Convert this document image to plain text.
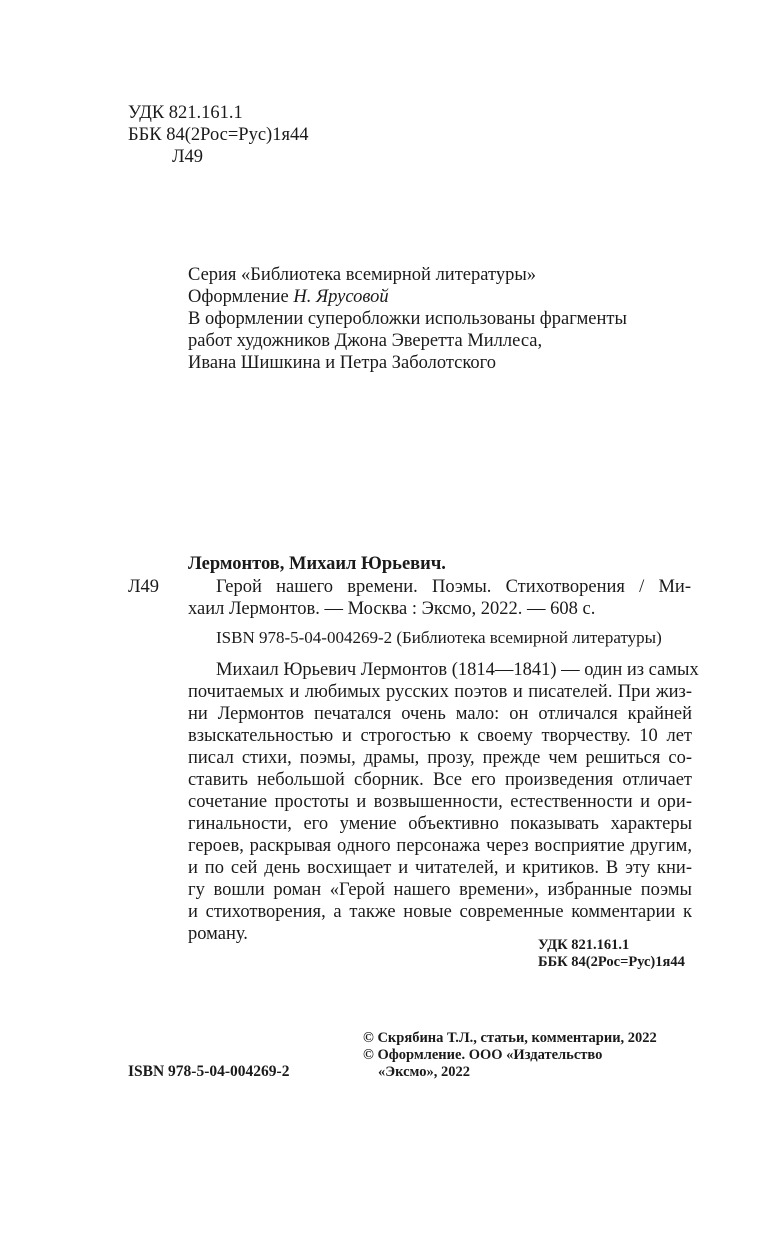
УДК 821.161.1
ББК 84(2Рос=Рус)1я44
Л49
Серия «Библиотека всемирной литературы»
Оформление Н. Ярусовой
В оформлении суперобложки использованы фрагменты
работ художников Джона Эверетта Миллеса,
Ивана Шишкина и Петра Заболотского
Лермонтов, Михаил Юрьевич.
Л49	Герой нашего времени. Поэмы. Стихотворения / Ми-
хаил Лермонтов. — Москва : Эксмо, 2022. — 608 с.
ISBN 978-5-04-004269-2 (Библиотека всемирной литературы)
Михаил Юрьевич Лермонтов (1814—1841) — один из самых
почитаемых и любимых русских поэтов и писателей. При жиз-
ни Лермонтов печатался очень мало: он отличался крайней
взыскательностью и строгостью к своему творчеству. 10 лет
писал стихи, поэмы, драмы, прозу, прежде чем решиться со-
ставить небольшой сборник. Все его произведения отличает
сочетание простоты и возвышенности, естественности и ори-
гинальности, его умение объективно показывать характеры
героев, раскрывая одного персонажа через восприятие другим,
и по сей день восхищает и читателей, и критиков. В эту кни-
гу вошли роман «Герой нашего времени», избранные поэмы
и стихотворения, а также новые современные комментарии к
роману.
УДК 821.161.1
ББК 84(2Рос=Рус)1я44
© Скрябина Т.Л., статьи, комментарии, 2022
© Оформление. ООО «Издательство
«Эксмо», 2022
ISBN 978-5-04-004269-2
